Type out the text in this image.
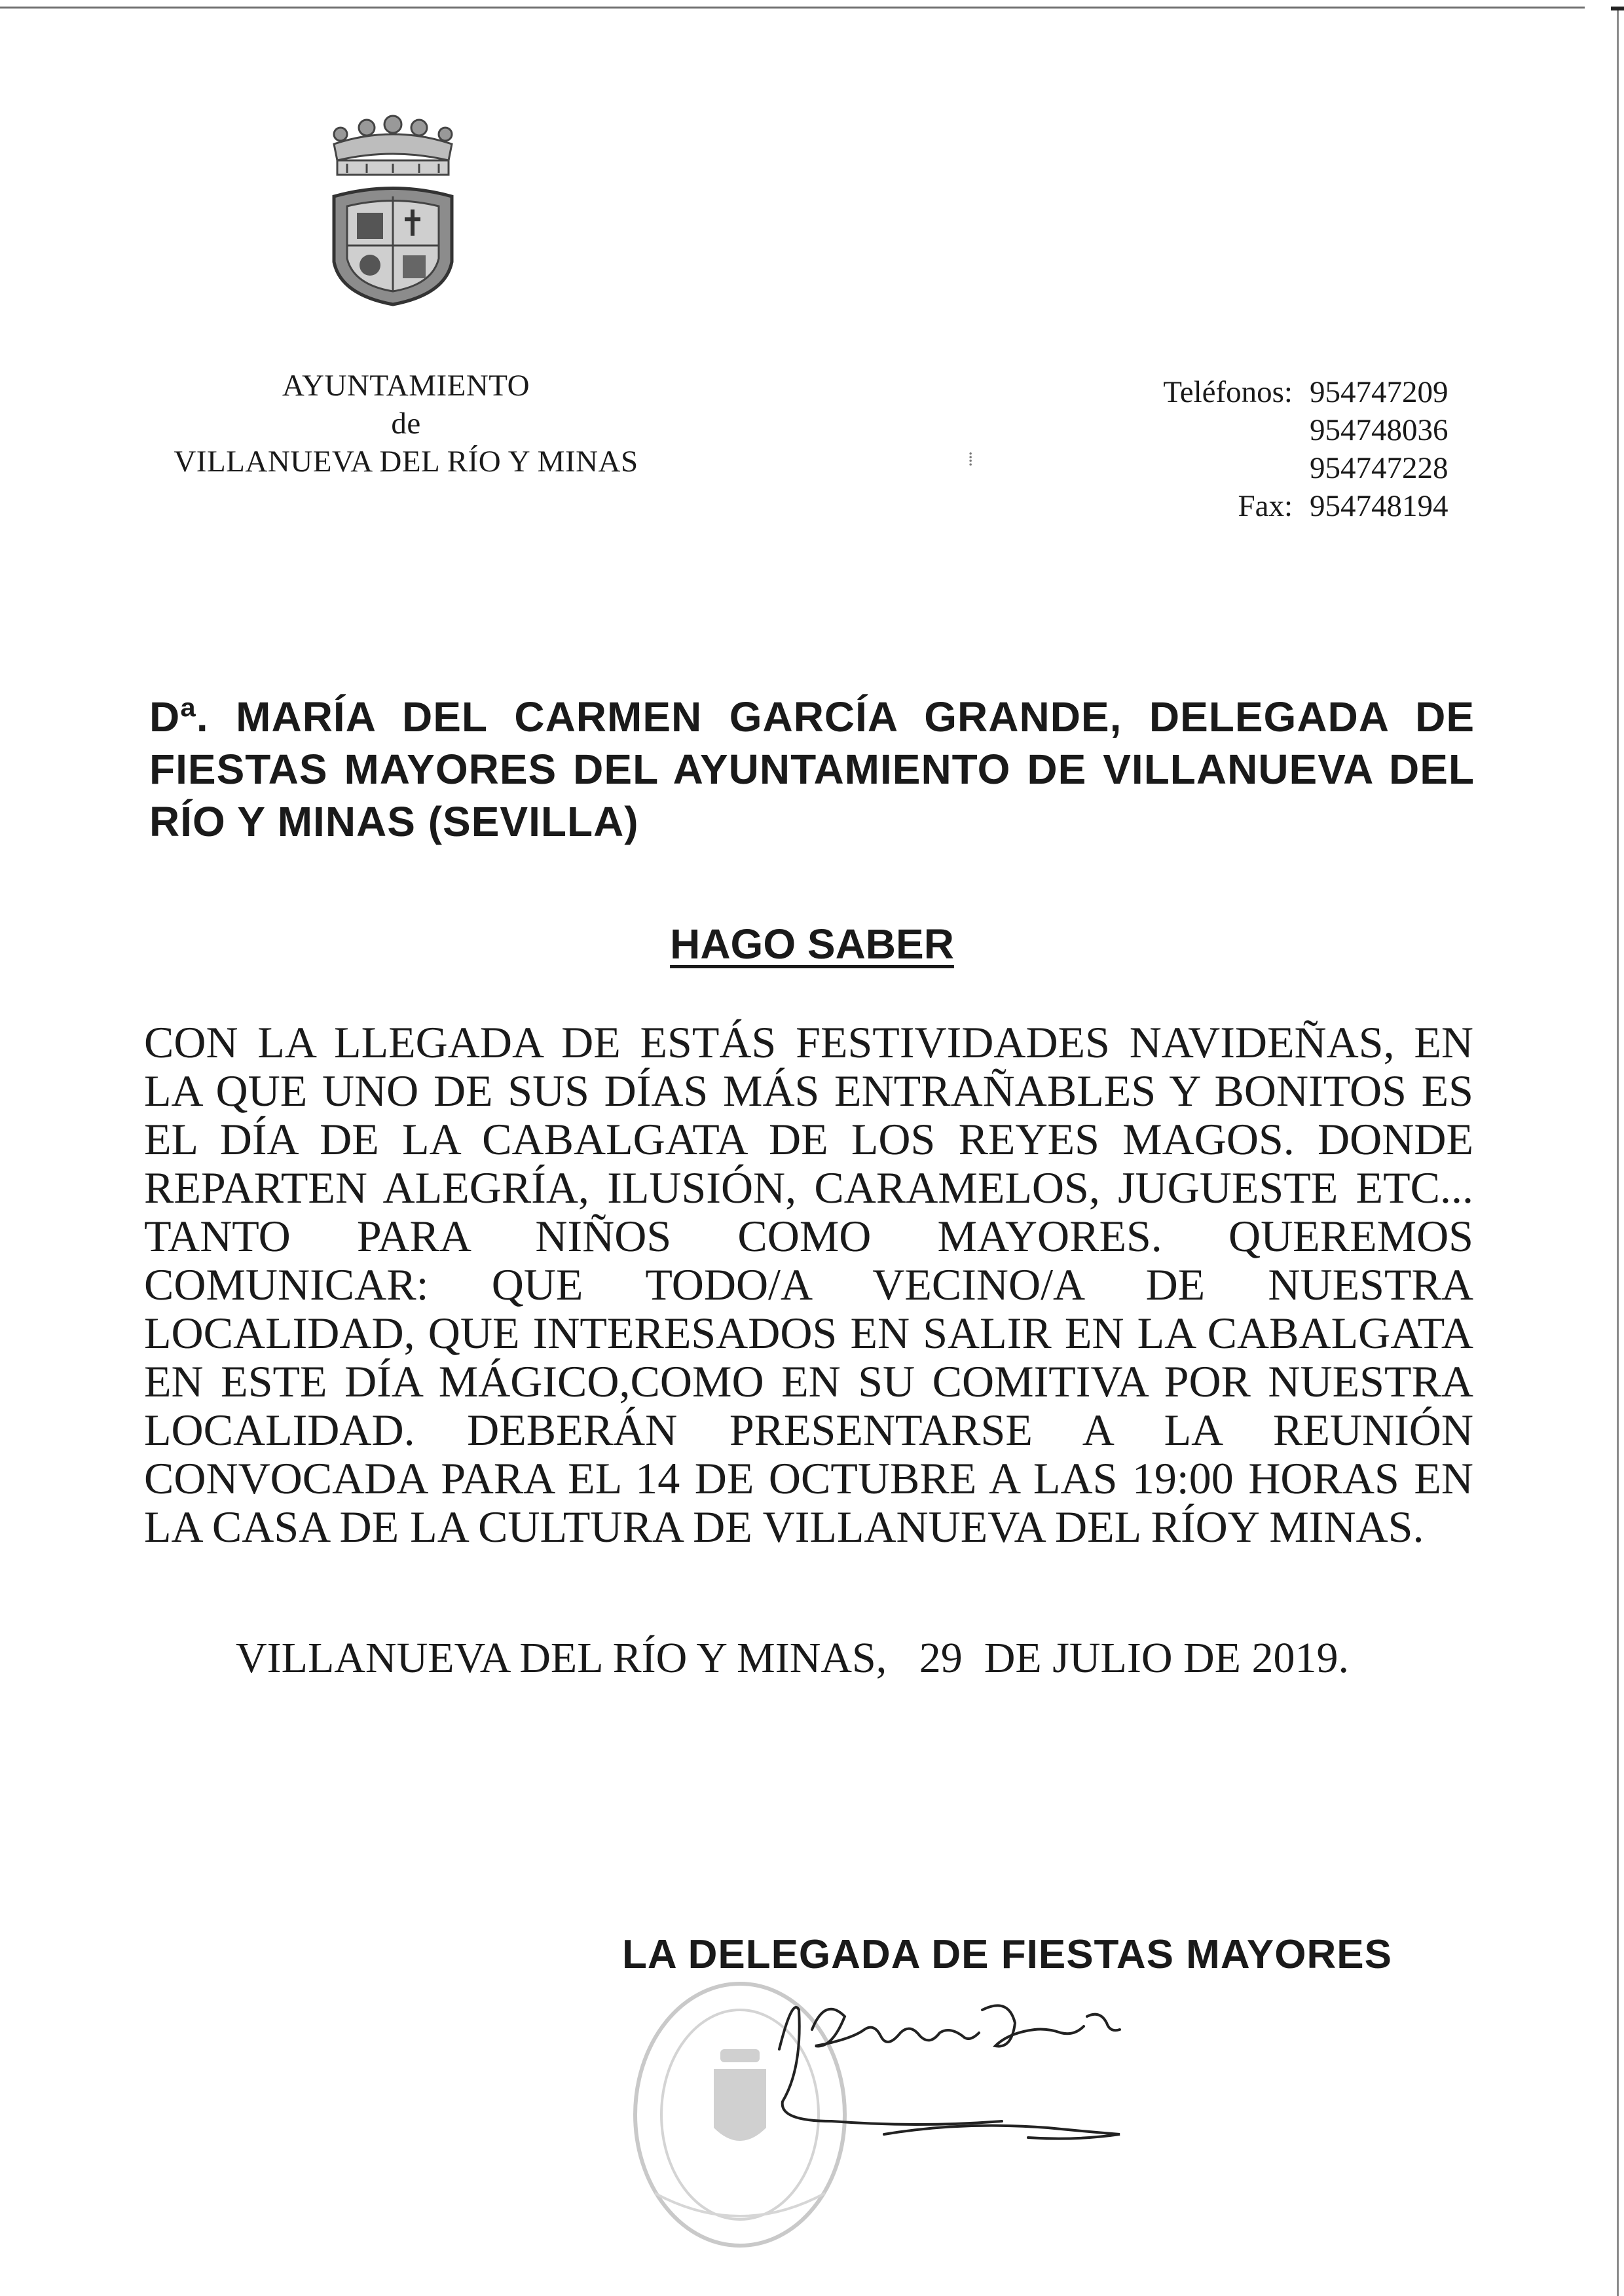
AYUNTAMIENTO
de
VILLANUEVA DEL RÍO Y MINAS
Teléfonos: 954747209
954748036
954747228
Fax: 954748194
⁞
Dª. MARÍA DEL CARMEN GARCÍA GRANDE, DELEGADA DE FIESTAS MAYORES DEL AYUNTAMIENTO DE VILLANUEVA DEL RÍO Y MINAS (SEVILLA)
HAGO SABER
CON LA LLEGADA DE ESTÁS FESTIVIDADES NAVIDEÑAS, EN LA QUE UNO DE SUS DÍAS MÁS ENTRAÑABLES Y BONITOS ES EL DÍA DE LA CABALGATA DE LOS REYES MAGOS. DONDE REPARTEN ALEGRÍA, ILUSIÓN, CARAMELOS, JUGUESTE ETC... TANTO PARA NIÑOS COMO MAYORES. QUEREMOS COMUNICAR: QUE TODO/A VECINO/A DE NUESTRA LOCALIDAD, QUE INTERESADOS EN SALIR EN LA CABALGATA EN ESTE DÍA MÁGICO,COMO EN SU COMITIVA POR NUESTRA LOCALIDAD. DEBERÁN PRESENTARSE A LA REUNIÓN CONVOCADA PARA EL 14 DE OCTUBRE A LAS 19:00 HORAS EN LA CASA DE LA CULTURA DE VILLANUEVA DEL RÍOY MINAS.
VILLANUEVA DEL RÍO Y MINAS,   29  DE JULIO DE 2019.
LA DELEGADA DE FIESTAS MAYORES
